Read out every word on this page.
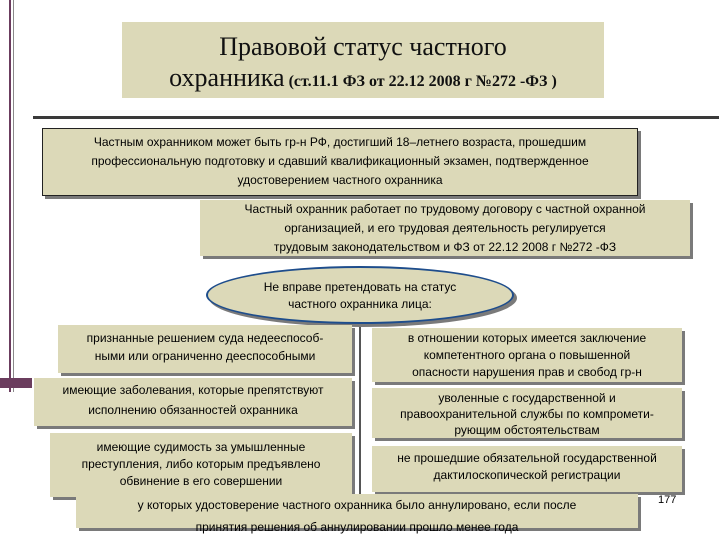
Правовой статус частного
охранника (ст.11.1 ФЗ от 22.12 2008 г №272 -ФЗ )
Частным охранником может быть гр-н РФ, достигший 18–летнего возраста, прошедшим
профессиональную подготовку и сдавший квалификационный экзамен, подтвержденное
удостоверением частного охранника
Частный охранник работает по трудовому договору с частной охранной
организацией, и его трудовая деятельность регулируется
трудовым законодательством и ФЗ от 22.12 2008 г №272 -ФЗ
Не вправе претендовать на статус
частного охранника лица:
признанные решением суда недееспособ-
ными или ограниченно дееспособными
имеющие заболевания, которые препятствуют
исполнению обязанностей охранника
имеющие судимость за умышленные
преступления, либо которым предъявлено
обвинение в его совершении
в отношении которых имеется заключение
компетентного органа о повышенной
опасности нарушения прав и свобод гр-н
уволенные с государственной и
правоохранительной службы по компромети-
рующим обстоятельствам
не прошедшие обязательной государственной
дактилоскопической регистрации
у которых удостоверение частного охранника было аннулировано, если после
принятия решения об аннулировании прошло менее года
177
